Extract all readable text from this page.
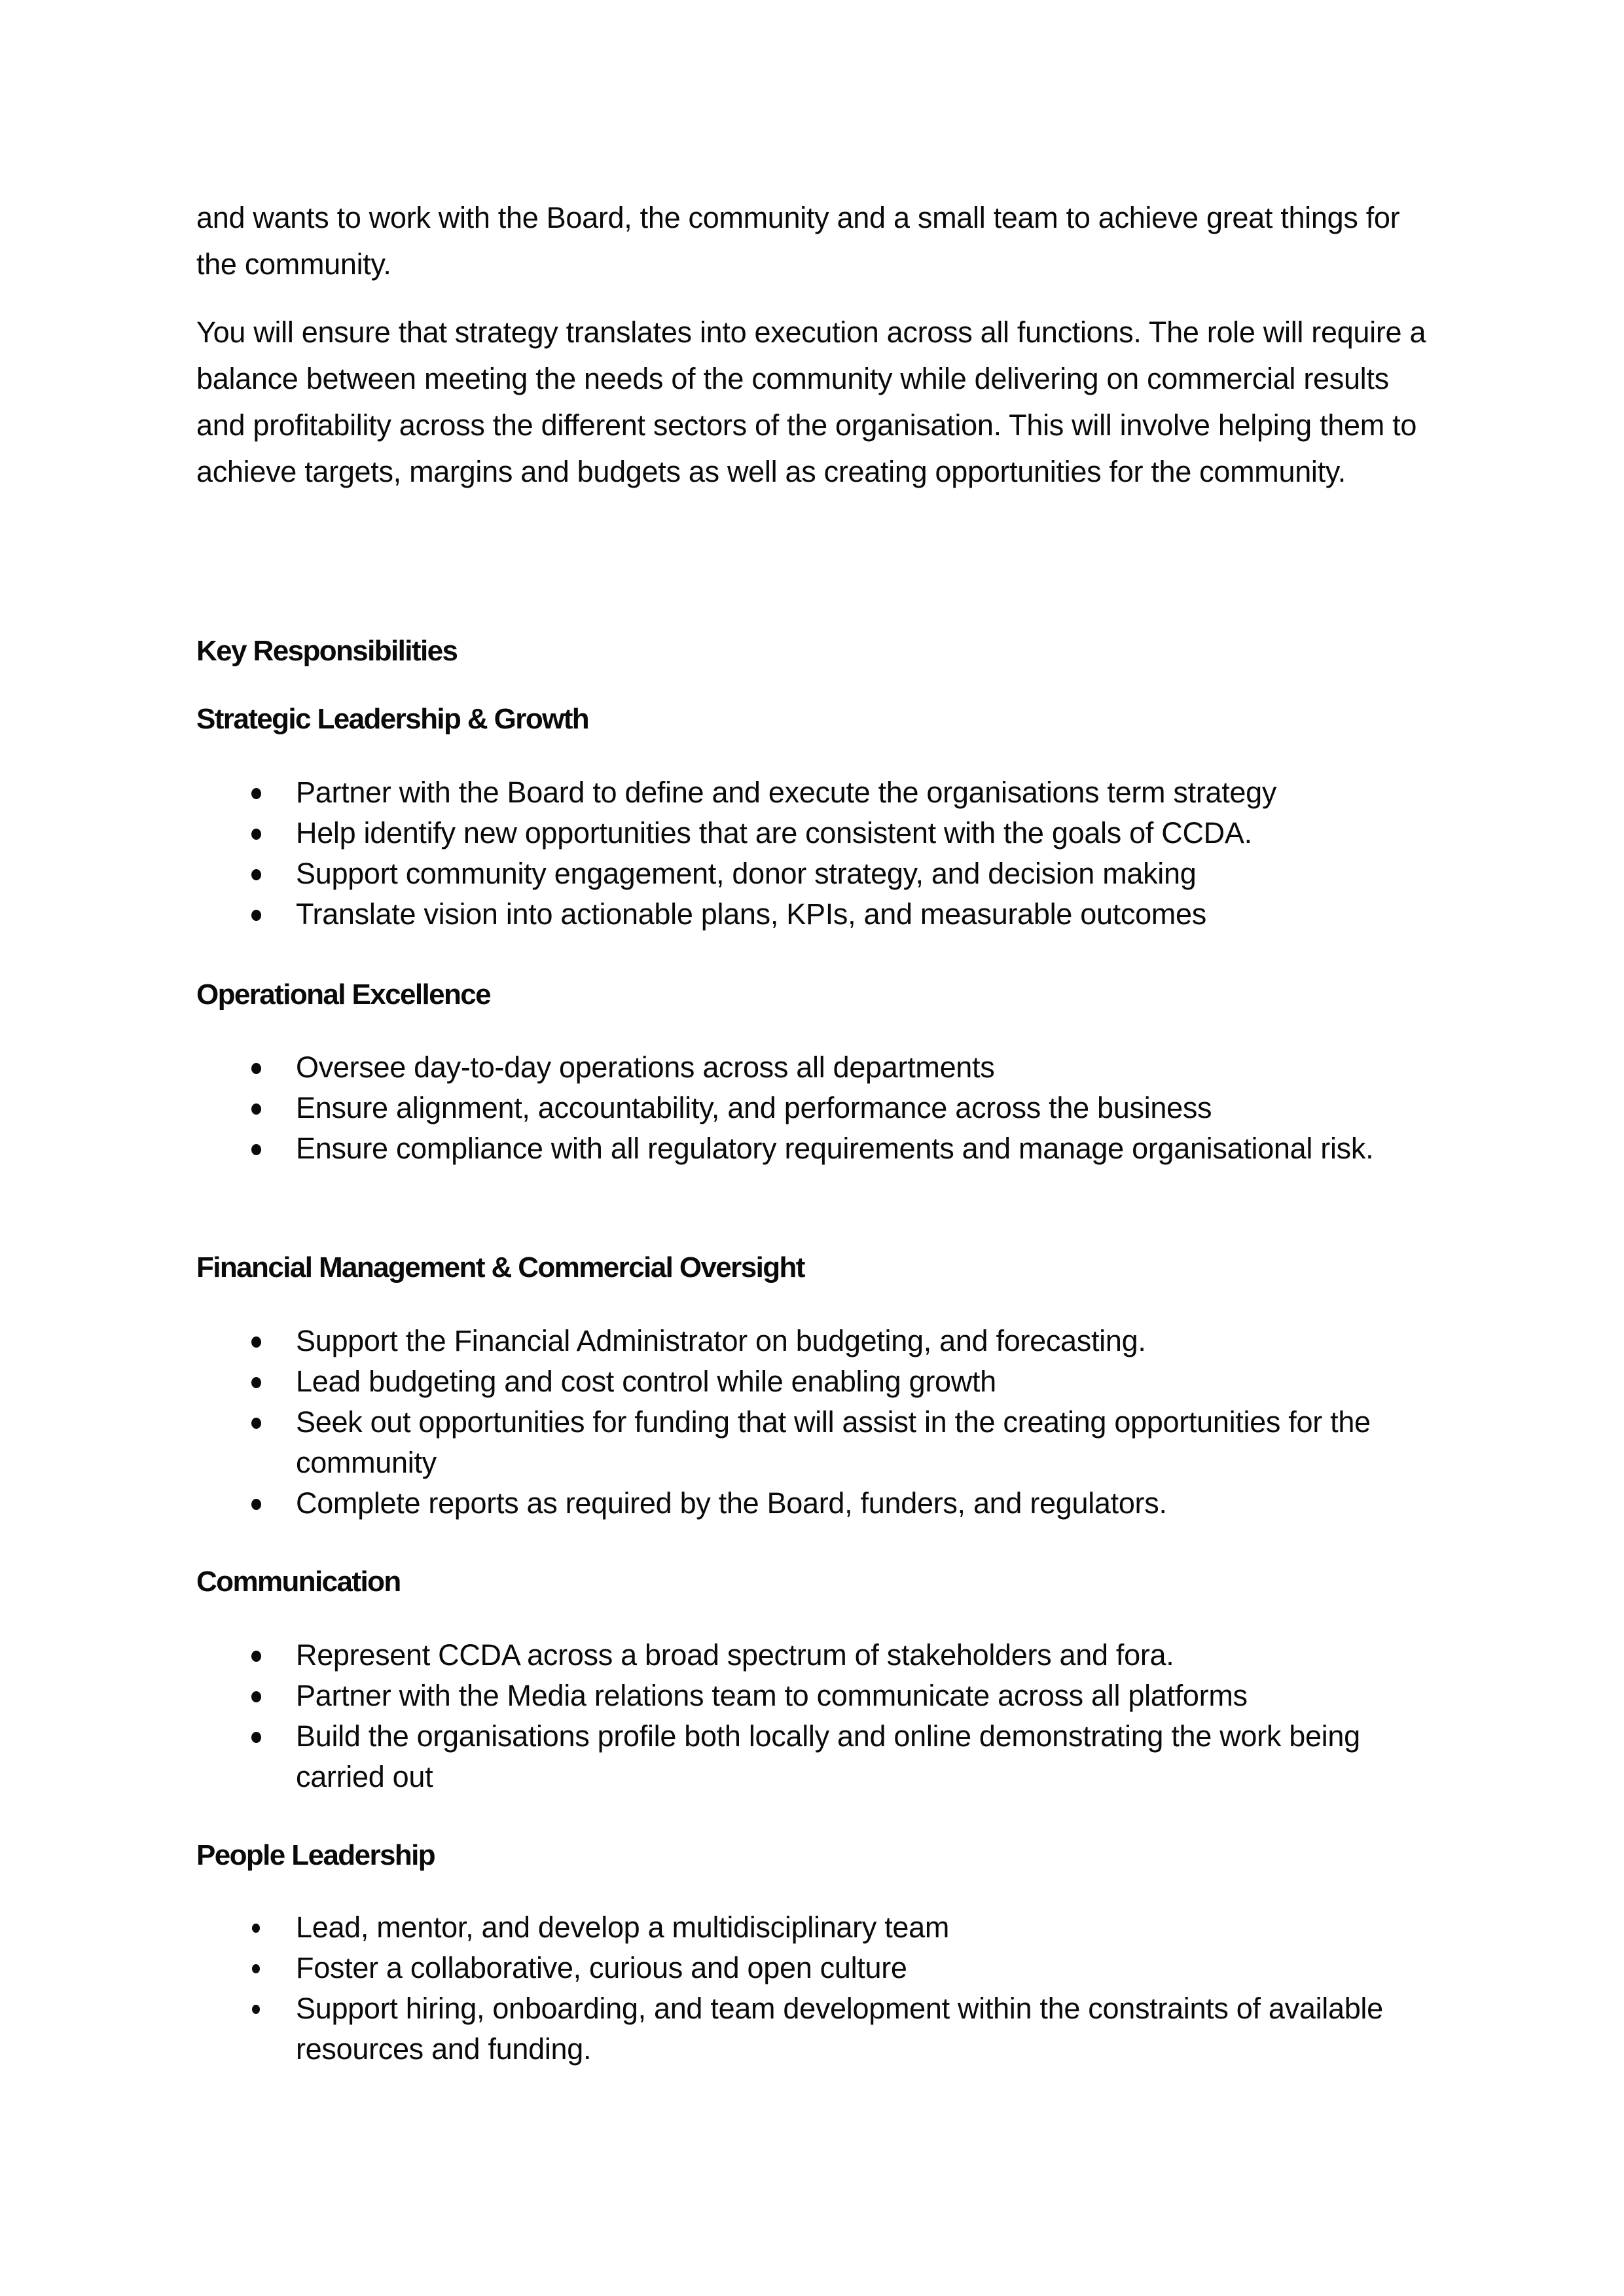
and wants to work with the Board, the community and a small team to achieve great things for the community.

You will ensure that strategy translates into execution across all functions. The role will require a balance between meeting the needs of the community while delivering on commercial results and profitability across the different sectors of the organisation. This will involve helping them to achieve targets, margins and budgets as well as creating opportunities for the community.

Key Responsibilities
Strategic Leadership & Growth
Partner with the Board to define and execute the organisations term strategy
Help identify new opportunities that are consistent with the goals of CCDA.
Support community engagement, donor strategy, and decision making
Translate vision into actionable plans, KPIs, and measurable outcomes
Operational Excellence
Oversee day-to-day operations across all departments
Ensure alignment, accountability, and performance across the business
Ensure compliance with all regulatory requirements and manage organisational risk.
Financial Management & Commercial Oversight
Support the Financial Administrator on budgeting, and forecasting.
Lead budgeting and cost control while enabling growth
Seek out opportunities for funding that will assist in the creating opportunities for the community
Complete reports as required by the Board, funders, and regulators.
Communication
Represent CCDA across a broad spectrum of stakeholders and fora.
Partner with the Media relations team to communicate across all platforms
Build the organisations profile both locally and online demonstrating the work being carried out
People Leadership
Lead, mentor, and develop a multidisciplinary team
Foster a collaborative, curious and open culture
Support hiring, onboarding, and team development within the constraints of available resources and funding.
